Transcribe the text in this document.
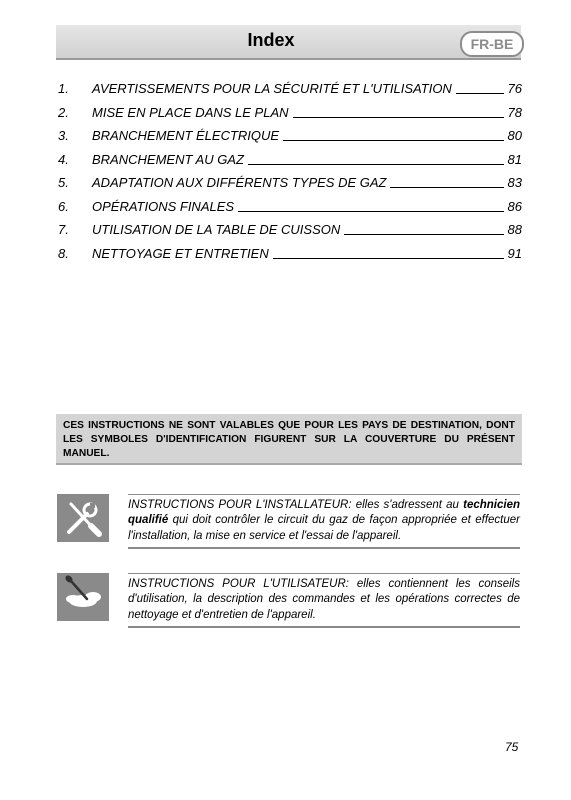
Index	FR-BE
1. AVERTISSEMENTS POUR LA SÉCURITÉ ET L'UTILISATION	76
2. MISE EN PLACE DANS LE PLAN	78
3. BRANCHEMENT ÉLECTRIQUE	80
4. BRANCHEMENT AU GAZ	81
5. ADAPTATION AUX DIFFÉRENTS TYPES DE GAZ	83
6. OPÉRATIONS FINALES	86
7. UTILISATION DE LA TABLE DE CUISSON	88
8. NETTOYAGE ET ENTRETIEN	91
CES INSTRUCTIONS NE SONT VALABLES QUE POUR LES PAYS DE DESTINATION, DONT LES SYMBOLES D'IDENTIFICATION FIGURENT SUR LA COUVERTURE DU PRÉSENT MANUEL.
INSTRUCTIONS POUR L'INSTALLATEUR: elles s'adressent au technicien qualifié qui doit contrôler le circuit du gaz de façon appropriée et effectuer l'installation, la mise en service et l'essai de l'appareil.
INSTRUCTIONS POUR L'UTILISATEUR: elles contiennent les conseils d'utilisation, la description des commandes et les opérations correctes de nettoyage et d'entretien de l'appareil.
75
